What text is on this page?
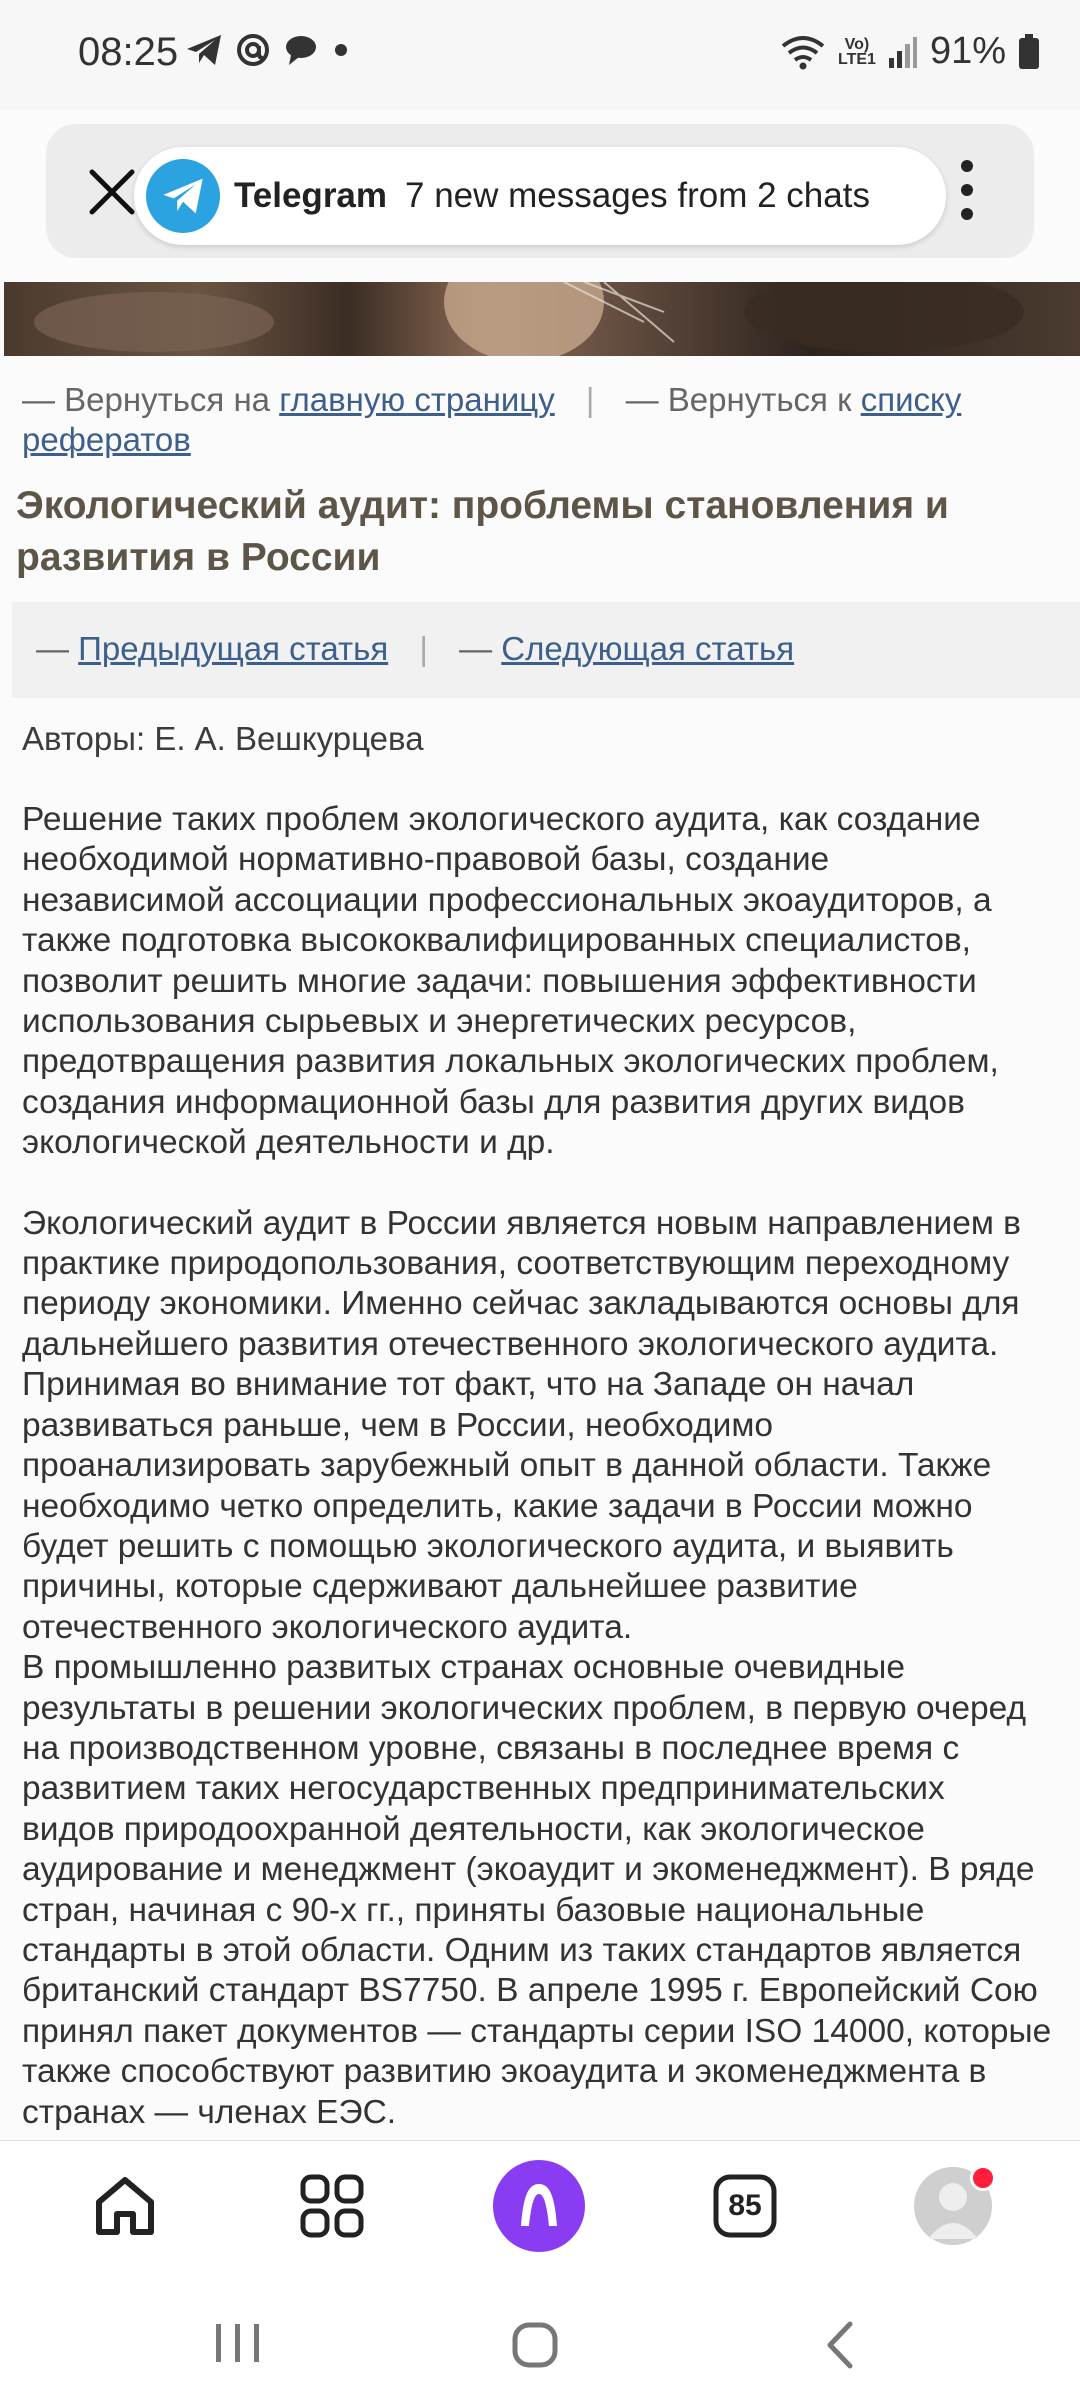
08:25	Vo)
LTE1 91%
Telegram 7 new messages from 2 chats
— Вернуться на главную страницу | — Вернуться к списку рефератов
Экологический аудит: проблемы становления и развития в России
— Предыдущая статья | — Следующая статья
Авторы: Е. А. Вешкурцева

Решение таких проблем экологического аудита, как создание
необходимой нормативно-правовой базы, создание
независимой ассоциации профессиональных экоаудиторов, а
также подготовка высококвалифицированных специалистов,
позволит решить многие задачи: повышения эффективности
использования сырьевых и энергетических ресурсов,
предотвращения развития локальных экологических проблем,
создания информационной базы для развития других видов
экологической деятельности и др.

Экологический аудит в России является новым направлением в
практике природопользования, соответствующим переходному
периоду экономики. Именно сейчас закладываются основы для
дальнейшего развития отечественного экологического аудита.
Принимая во внимание тот факт, что на Западе он начал
развиваться раньше, чем в России, необходимо
проанализировать зарубежный опыт в данной области. Также
необходимо четко определить, какие задачи в России можно
будет решить с помощью экологического аудита, и выявить
причины, которые сдерживают дальнейшее развитие
отечественного экологического аудита.

В промышленно развитых странах основные очевидные
результаты в решении экологических проблем, в первую очеред
на производственном уровне, связаны в последнее время с
развитием таких негосударственных предпринимательских
видов природоохранной деятельности, как экологическое
аудирование и менеджмент (экоаудит и экоменеджмент). В ряде
стран, начиная с 90-х гг., приняты базовые национальные
стандарты в этой области. Одним из таких стандартов является
британский стандарт BS7750. В апреле 1995 г. Европейский Сою
принял пакет документов — стандарты серии ISO 14000, которые
также способствуют развитию экоаудита и экоменеджмента в
странах — членах ЕЭС.

85
